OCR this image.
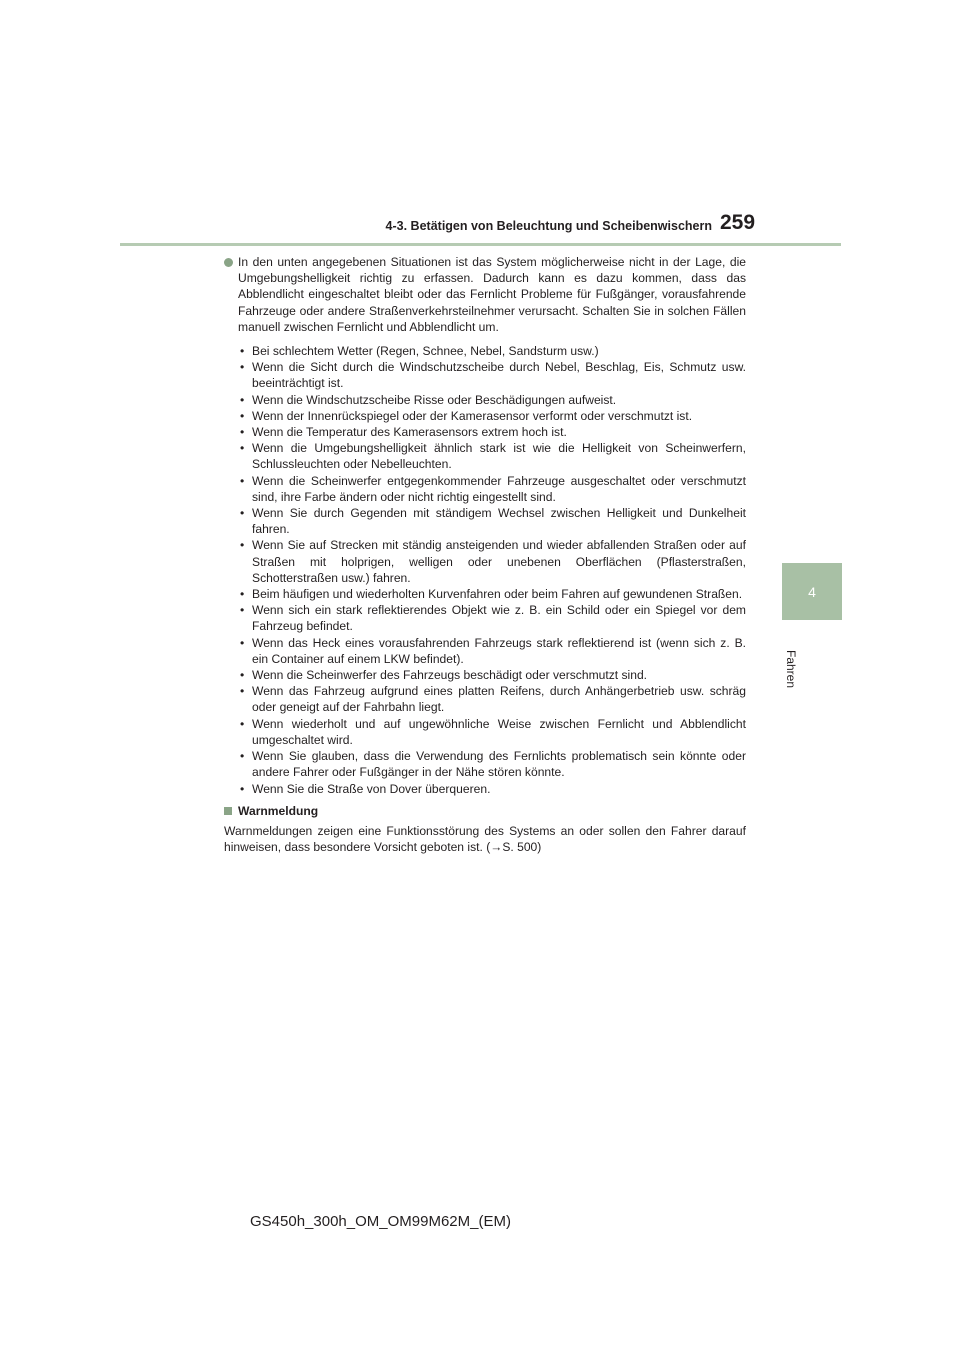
4-3. Betätigen von Beleuchtung und Scheibenwischern 259
4
Fahren
In den unten angegebenen Situationen ist das System möglicherweise nicht in der Lage, die Umgebungshelligkeit richtig zu erfassen. Dadurch kann es dazu kommen, dass das Abblendlicht eingeschaltet bleibt oder das Fernlicht Probleme für Fußgänger, vorausfahrende Fahrzeuge oder andere Straßenverkehrsteilnehmer verursacht. Schalten Sie in solchen Fällen manuell zwischen Fernlicht und Abblendlicht um.
• Bei schlechtem Wetter (Regen, Schnee, Nebel, Sandsturm usw.)
• Wenn die Sicht durch die Windschutzscheibe durch Nebel, Beschlag, Eis, Schmutz usw. beeinträchtigt ist.
• Wenn die Windschutzscheibe Risse oder Beschädigungen aufweist.
• Wenn der Innenrückspiegel oder der Kamerasensor verformt oder verschmutzt ist.
• Wenn die Temperatur des Kamerasensors extrem hoch ist.
• Wenn die Umgebungshelligkeit ähnlich stark ist wie die Helligkeit von Scheinwerfern, Schlussleuchten oder Nebelleuchten.
• Wenn die Scheinwerfer entgegenkommender Fahrzeuge ausgeschaltet oder verschmutzt sind, ihre Farbe ändern oder nicht richtig eingestellt sind.
• Wenn Sie durch Gegenden mit ständigem Wechsel zwischen Helligkeit und Dunkelheit fahren.
• Wenn Sie auf Strecken mit ständig ansteigenden und wieder abfallenden Straßen oder auf Straßen mit holprigen, welligen oder unebenen Oberflächen (Pflasterstraßen, Schotterstraßen usw.) fahren.
• Beim häufigen und wiederholten Kurvenfahren oder beim Fahren auf gewundenen Straßen.
• Wenn sich ein stark reflektierendes Objekt wie z. B. ein Schild oder ein Spiegel vor dem Fahrzeug befindet.
• Wenn das Heck eines vorausfahrenden Fahrzeugs stark reflektierend ist (wenn sich z. B. ein Container auf einem LKW befindet).
• Wenn die Scheinwerfer des Fahrzeugs beschädigt oder verschmutzt sind.
• Wenn das Fahrzeug aufgrund eines platten Reifens, durch Anhängerbetrieb usw. schräg oder geneigt auf der Fahrbahn liegt.
• Wenn wiederholt und auf ungewöhnliche Weise zwischen Fernlicht und Abblendlicht umgeschaltet wird.
• Wenn Sie glauben, dass die Verwendung des Fernlichts problematisch sein könnte oder andere Fahrer oder Fußgänger in der Nähe stören könnte.
• Wenn Sie die Straße von Dover überqueren.
Warnmeldung
Warnmeldungen zeigen eine Funktionsstörung des Systems an oder sollen den Fahrer darauf hinweisen, dass besondere Vorsicht geboten ist. (→S. 500)
GS450h_300h_OM_OM99M62M_(EM)
